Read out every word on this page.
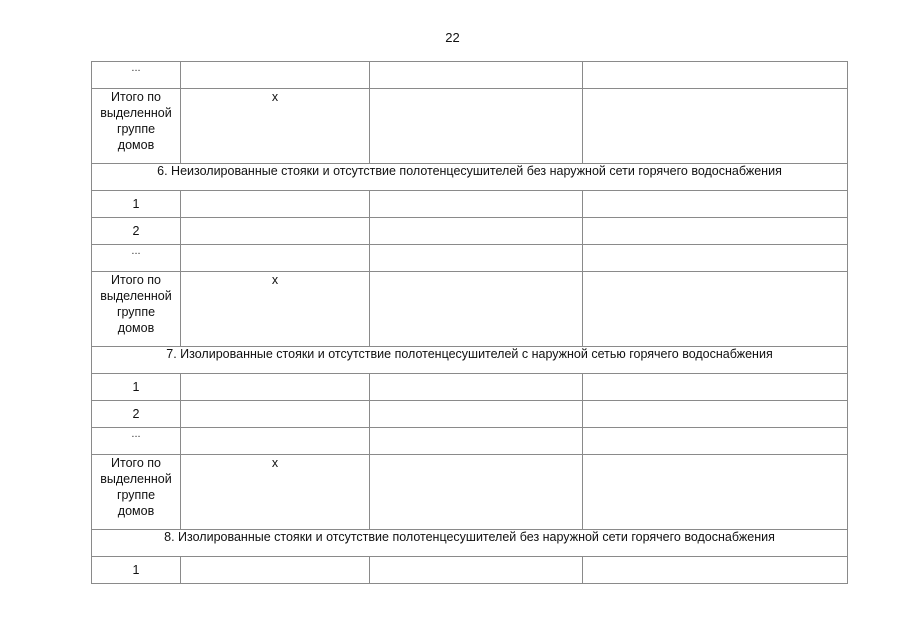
22
...			

Итого по
выделенной
группе
домов	x		
6. Неизолированные стояки и отсутствие полотенцесушителей без наружной сети горячего водоснабжения			
1			
2			
...			

Итого по
выделенной
группе
домов	x		
7. Изолированные стояки и отсутствие полотенцесушителей с наружной сетью горячего водоснабжения			
1			
2			
...			

Итого по
выделенной
группе
домов	x		
8. Изолированные стояки и отсутствие полотенцесушителей без наружной сети горячего водоснабжения			
1			
